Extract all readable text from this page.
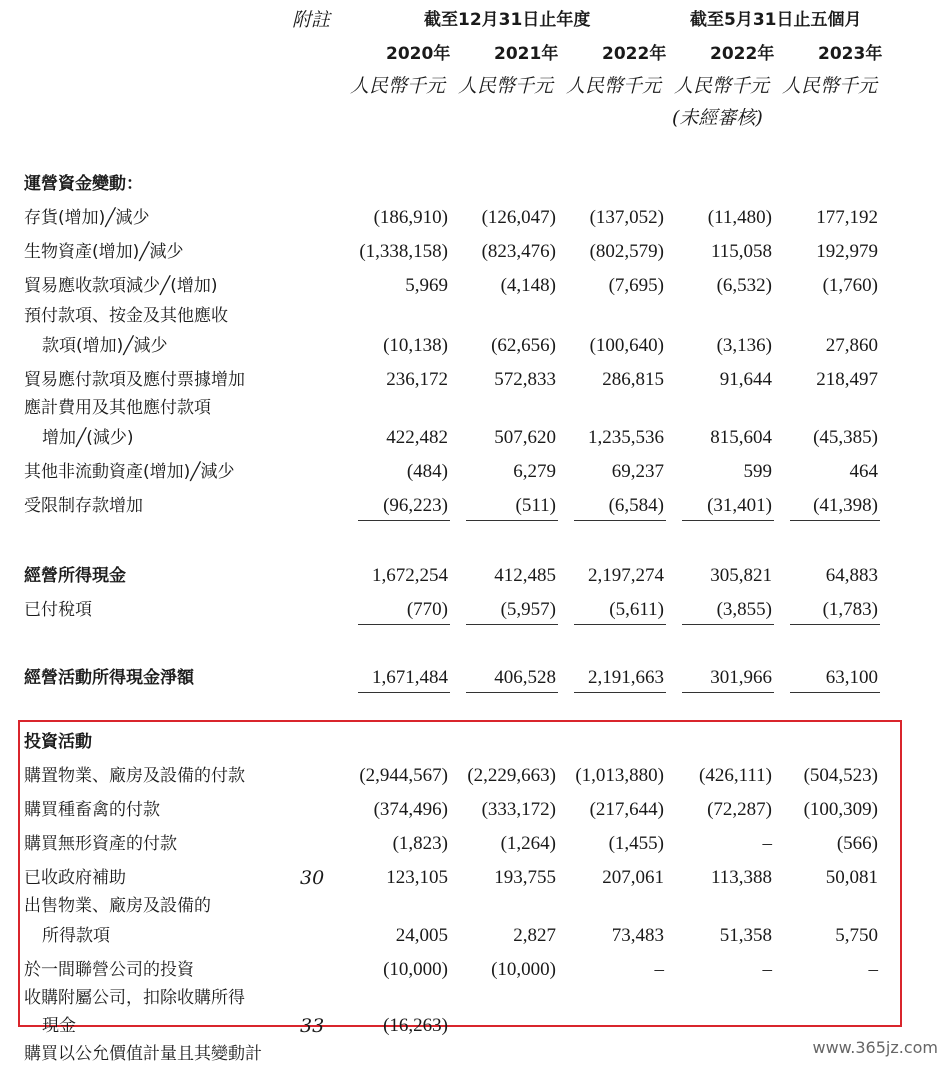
附註	截至12月31日止年度	截至5月31日止五個月
2020年	2021年	2022年	2022年	2023年
人民幣千元 人民幣千元 人民幣千元 人民幣千元 人民幣千元
(未經審核)
運營資金變動：
存貨(增加)╱減少	(186,910)	(126,047)	(137,052)	(11,480)	177,192
生物資產(增加)╱減少	(1,338,158)	(823,476)	(802,579)	115,058	192,979
貿易應收款項減少╱(增加)	5,969	(4,148)	(7,695)	(6,532)	(1,760)
預付款項、按金及其他應收
款項(增加)╱減少	(10,138)	(62,656)	(100,640)	(3,136)	27,860
貿易應付款項及應付票據增加	236,172	572,833	286,815	91,644	218,497
應計費用及其他應付款項
增加╱(減少)	422,482	507,620	1,235,536	815,604	(45,385)
其他非流動資產(增加)╱減少	(484)	6,279	69,237	599	464
受限制存款增加	(96,223)	(511)	(6,584)	(31,401)	(41,398)
經營所得現金	1,672,254	412,485	2,197,274	305,821	64,883
已付稅項	(770)	(5,957)	(5,611)	(3,855)	(1,783)
經營活動所得現金淨額	1,671,484	406,528	2,191,663	301,966	63,100
投資活動
購置物業、廠房及設備的付款	(2,944,567)	(2,229,663)	(1,013,880)	(426,111)	(504,523)
購買種畜禽的付款	(374,496)	(333,172)	(217,644)	(72,287)	(100,309)
購買無形資產的付款	(1,823)	(1,264)	(1,455)	–	(566)
已收政府補助	30	123,105	193,755	207,061	113,388	50,081
出售物業、廠房及設備的
所得款項	24,005	2,827	73,483	51,358	5,750
於一間聯營公司的投資	(10,000)	(10,000)	–	–	–
收購附屬公司，扣除收購所得
現金	33	(16,263)
購買以公允價值計量且其變動計	www.365jz.com
